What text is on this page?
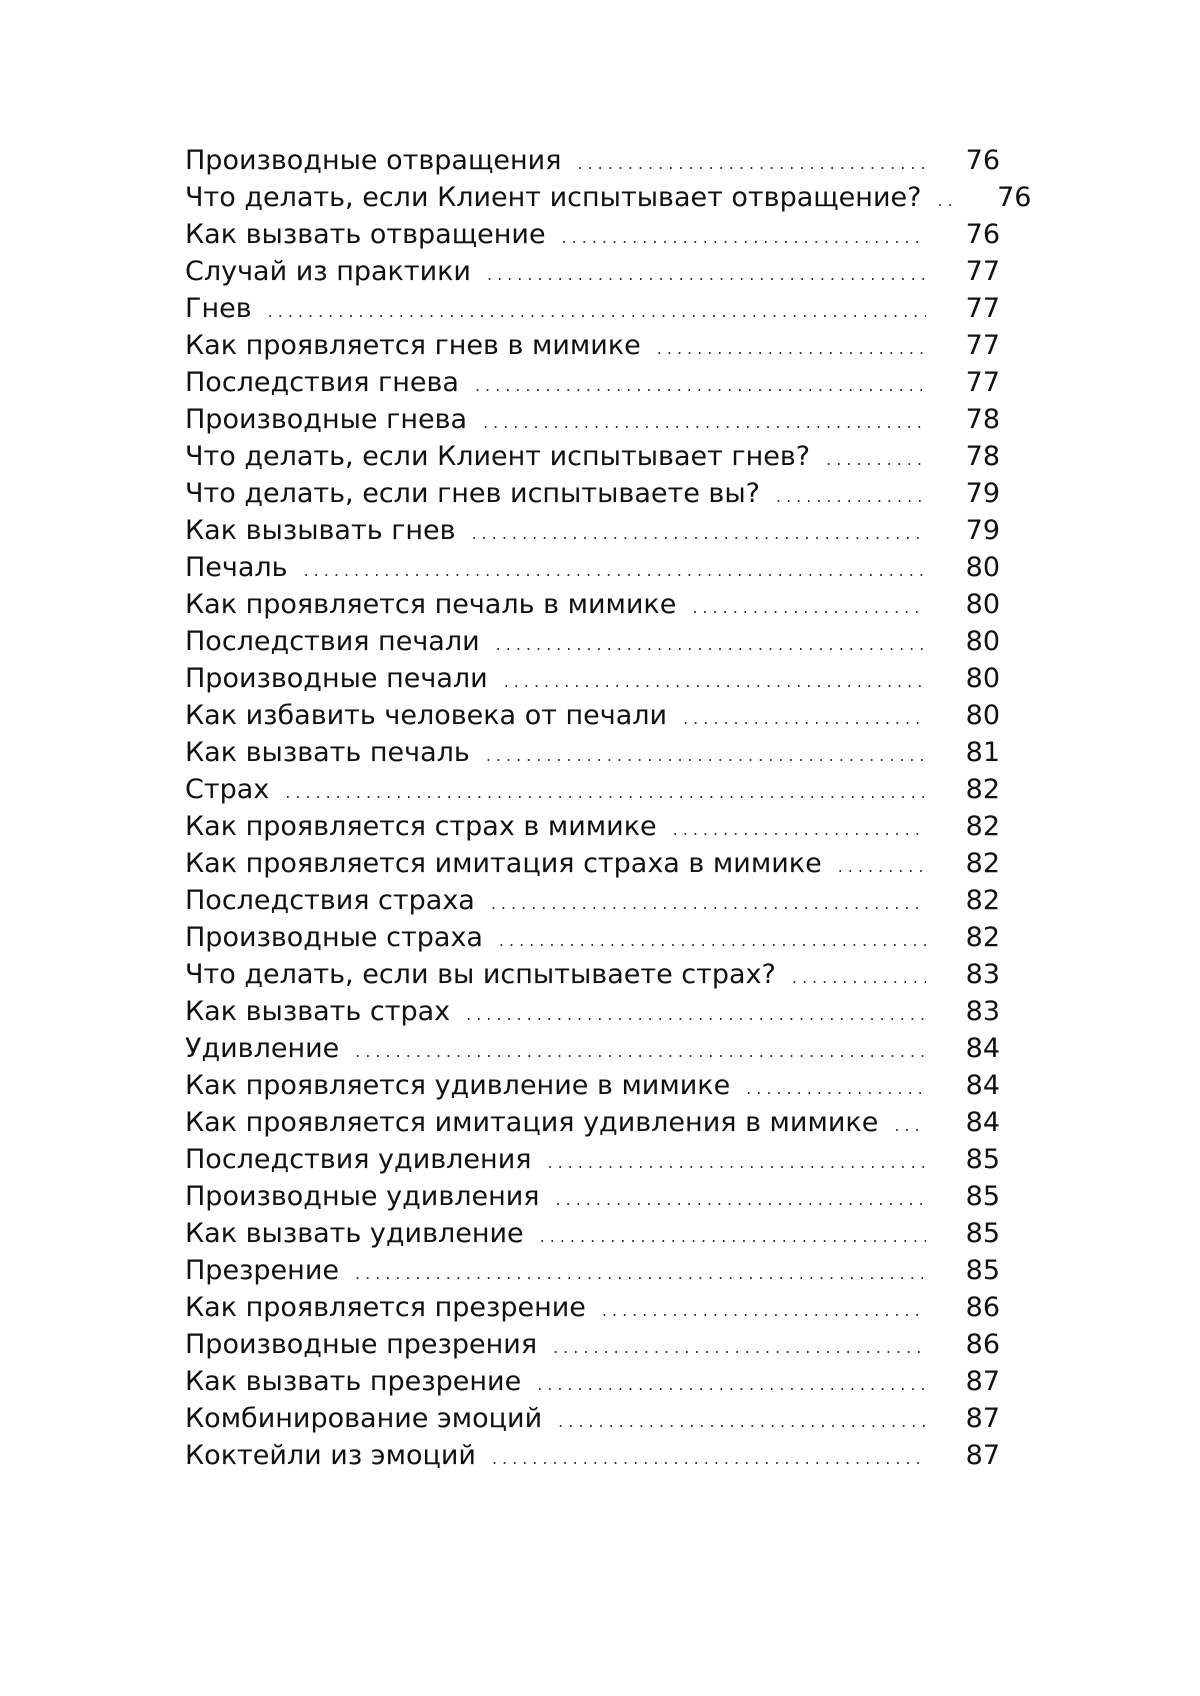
Производные отвращения .....	76
Что делать, если Клиент испытывает отвращение? .....	76
Как вызвать отвращение .....	76
Случай из практики .....	77
Гнев .....	77
Как проявляется гнев в мимике .....	77
Последствия гнева .....	77
Производные гнева .....	78
Что делать, если Клиент испытывает гнев? .....	78
Что делать, если гнев испытываете вы? .....	79
Как вызывать гнев .....	79
Печаль .....	80
Как проявляется печаль в мимике .....	80
Последствия печали .....	80
Производные печали .....	80
Как избавить человека от печали .....	80
Как вызвать печаль .....	81
Страх .....	82
Как проявляется страх в мимике .....	82
Как проявляется имитация страха в мимике .....	82
Последствия страха .....	82
Производные страха .....	82
Что делать, если вы испытываете страх? .....	83
Как вызвать страх .....	83
Удивление .....	84
Как проявляется удивление в мимике .....	84
Как проявляется имитация удивления в мимике .....	84
Последствия удивления .....	85
Производные удивления .....	85
Как вызвать удивление .....	85
Презрение .....	85
Как проявляется презрение .....	86
Производные презрения .....	86
Как вызвать презрение .....	87
Комбинирование эмоций .....	87
Коктейли из эмоций .....	87
